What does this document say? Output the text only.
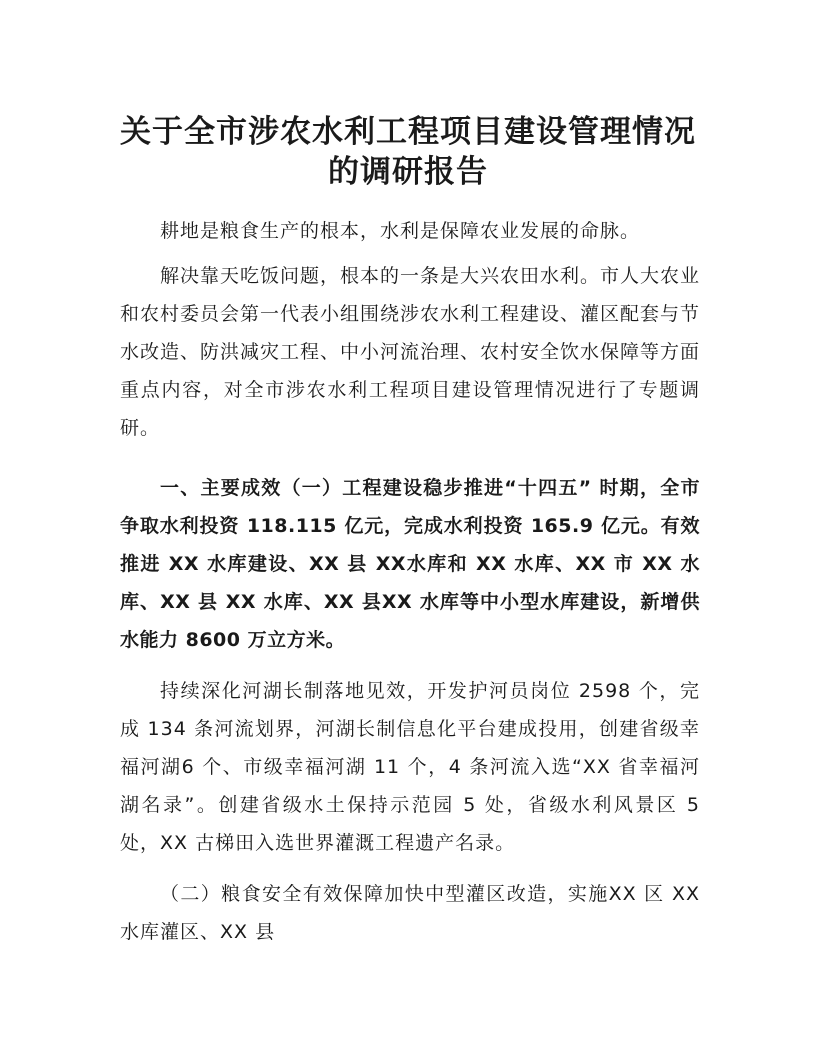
关于全市涉农水利工程项目建设管理情况的调研报告

耕地是粮食生产的根本，水利是保障农业发展的命脉。

解决靠天吃饭问题，根本的一条是大兴农田水利。市人大农业和农村委员会第一代表小组围绕涉农水利工程建设、灌区配套与节水改造、防洪减灾工程、中小河流治理、农村安全饮水保障等方面重点内容，对全市涉农水利工程项目建设管理情况进行了专题调研。

一、主要成效（一）工程建设稳步推进“十四五” 时期，全市争取水利投资 118.115 亿元，完成水利投资 165.9 亿元。有效推进 XX 水库建设、XX 县 XX水库和 XX 水库、XX 市 XX 水库、XX 县 XX 水库、XX 县XX 水库等中小型水库建设，新增供水能力 8600 万立方米。

持续深化河湖长制落地见效，开发护河员岗位 2598 个，完成 134 条河流划界，河湖长制信息化平台建成投用，创建省级幸福河湖6 个、市级幸福河湖 11 个，4 条河流入选“XX 省幸福河湖名录”。创建省级水土保持示范园 5 处，省级水利风景区 5 处，XX 古梯田入选世界灌溉工程遗产名录。

（二）粮食安全有效保障加快中型灌区改造，实施XX 区 XX 水库灌区、XX 县
